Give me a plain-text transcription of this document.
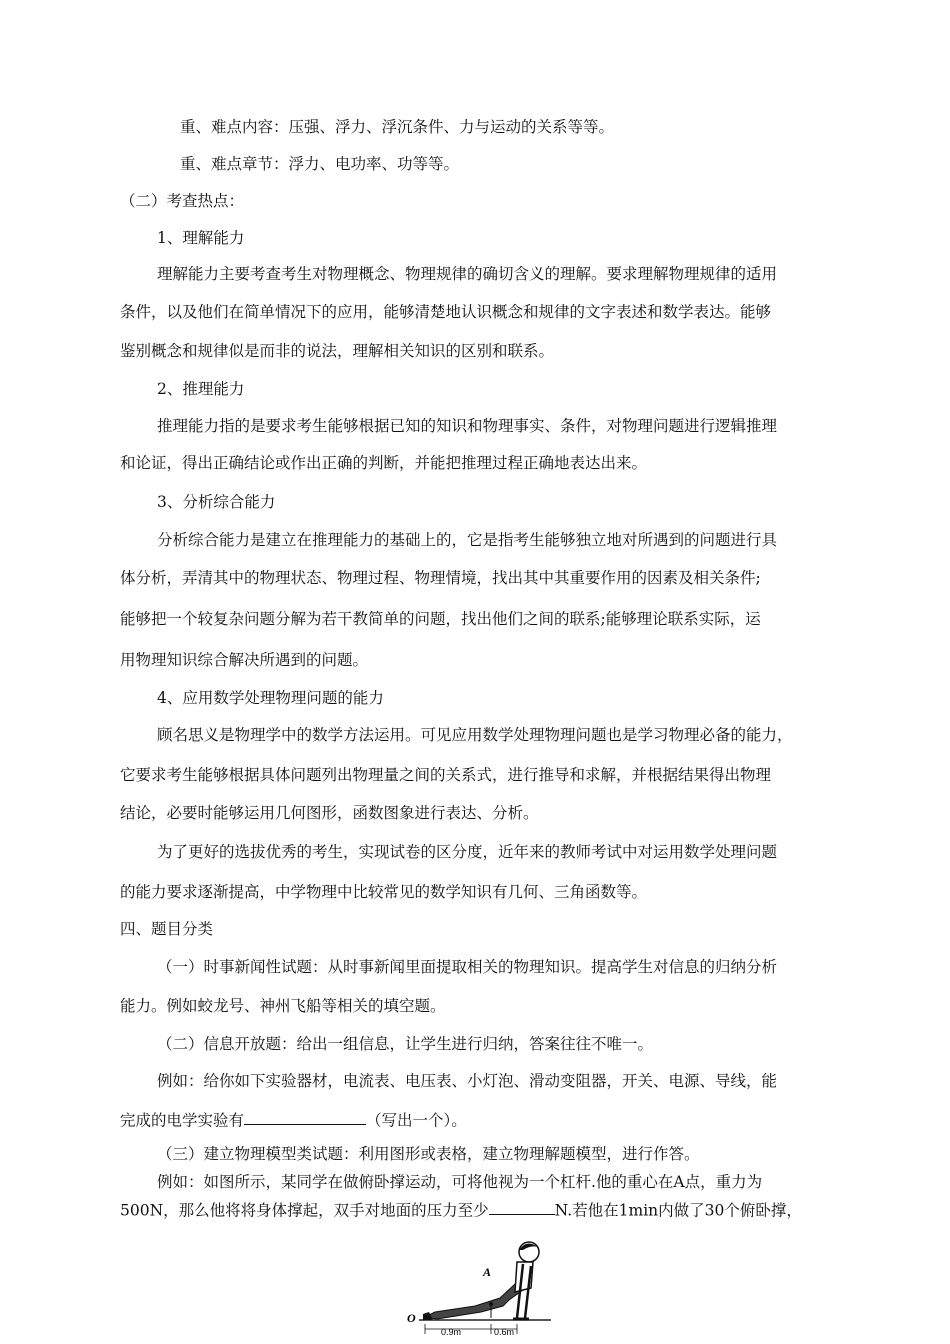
重、难点内容：压强、浮力、浮沉条件、力与运动的关系等等。
重、难点章节：浮力、电功率、功等等。
（二）考查热点：
1、理解能力
理解能力主要考查考生对物理概念、物理规律的确切含义的理解。要求理解物理规律的适用
条件，以及他们在简单情况下的应用，能够清楚地认识概念和规律的文字表述和数学表达。能够
鉴别概念和规律似是而非的说法，理解相关知识的区别和联系。
2、推理能力
推理能力指的是要求考生能够根据已知的知识和物理事实、条件，对物理问题进行逻辑推理
和论证，得出正确结论或作出正确的判断，并能把推理过程正确地表达出来。
3、分析综合能力
分析综合能力是建立在推理能力的基础上的，它是指考生能够独立地对所遇到的问题进行具
体分析，弄清其中的物理状态、物理过程、物理情境，找出其中其重要作用的因素及相关条件;
能够把一个较复杂问题分解为若干教简单的问题，找出他们之间的联系;能够理论联系实际，运
用物理知识综合解决所遇到的问题。
4、应用数学处理物理问题的能力
顾名思义是物理学中的数学方法运用。可见应用数学处理物理问题也是学习物理必备的能力，
它要求考生能够根据具体问题列出物理量之间的关系式，进行推导和求解，并根据结果得出物理
结论，必要时能够运用几何图形，函数图象进行表达、分析。
为了更好的选拔优秀的考生，实现试卷的区分度，近年来的教师考试中对运用数学处理问题
的能力要求逐渐提高，中学物理中比较常见的数学知识有几何、三角函数等。
四、题目分类
（一）时事新闻性试题：从时事新闻里面提取相关的物理知识。提高学生对信息的归纳分析
能力。例如蛟龙号、神州飞船等相关的填空题。
（二）信息开放题：给出一组信息，让学生进行归纳，答案往往不唯一。
例如：给你如下实验器材，电流表、电压表、小灯泡、滑动变阻器，开关、电源、导线，能
完成的电学实验有	（写出一个）。
（三）建立物理模型类试题：利用图形或表格，建立物理解题模型，进行作答。
例如：如图所示，某同学在做俯卧撑运动，可将他视为一个杠杆.他的重心在A点，重力为
500N，那么他将将身体撑起，双手对地面的压力至少	N.若他在1min内做了30个俯卧撑，
A
O
0.9m	0.6m
